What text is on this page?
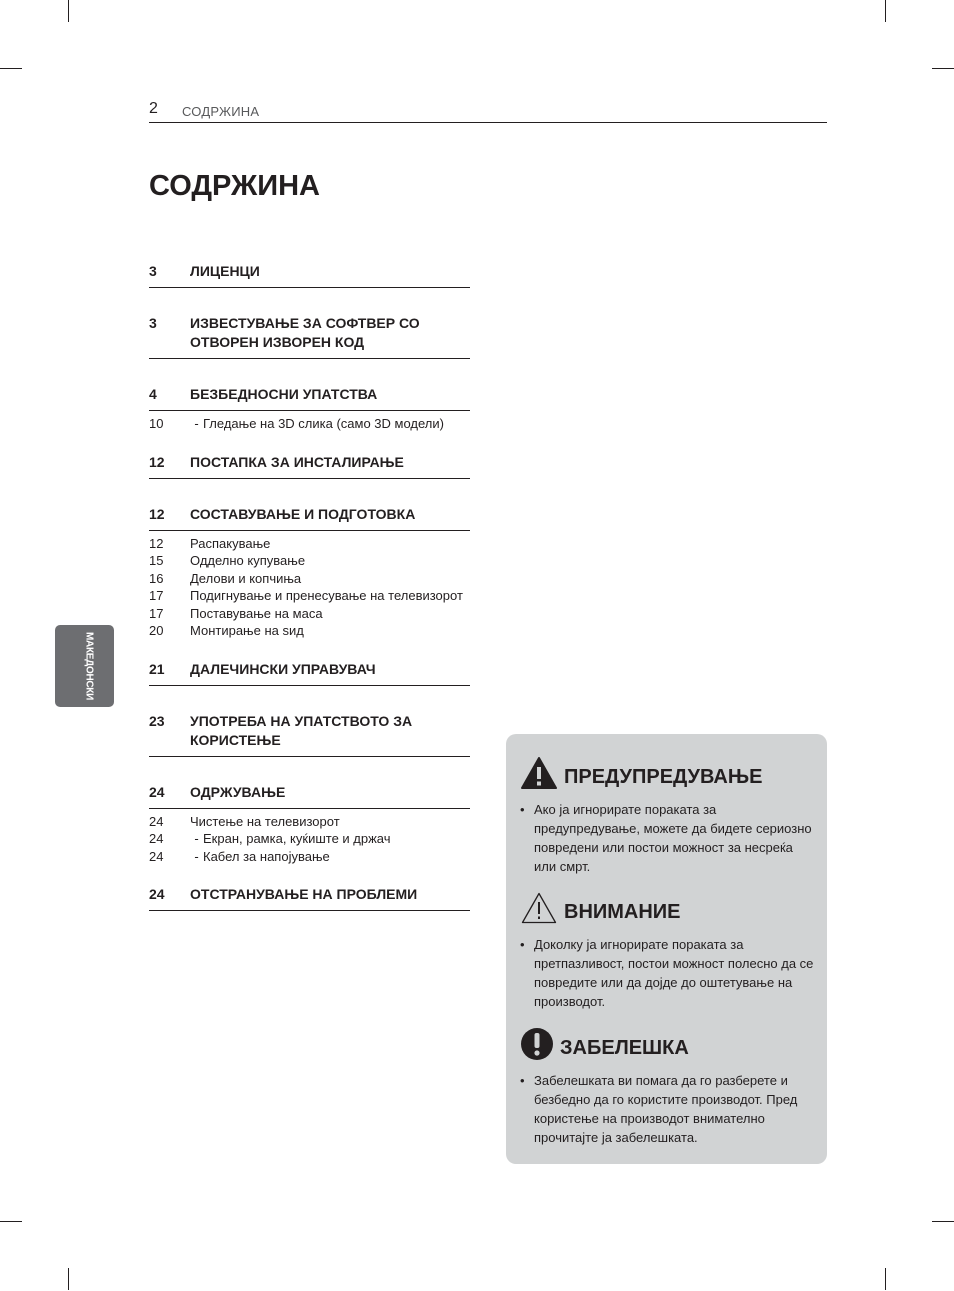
2 СОДРЖИНА
СОДРЖИНА
МАКЕДОНСКИ
3	ЛИЦЕНЦИ
3	ИЗВЕСТУВАЊЕ ЗА СОФТВЕР СО ОТВОРЕН ИЗВОРЕН КОД
4	БЕЗБЕДНОСНИ УПАТСТВА
10	- Гледање на 3D слика (само 3D модели)
12	ПОСТАПКА ЗА ИНСТАЛИРАЊЕ
12	СОСТАВУВАЊЕ И ПОДГОТОВКА
12	Распакување
15	Одделно купување
16	Делови и копчиња
17	Подигнување и пренесување на телевизорот
17	Поставување на маса
20	Монтирање на ѕид
21	ДАЛЕЧИНСКИ УПРАВУВАЧ
23	УПОТРЕБА НА УПАТСТВОТО ЗА КОРИСТЕЊЕ
24	ОДРЖУВАЊЕ
24	Чистење на телевизорот
24	- Екран, рамка, куќиште и држач
24	- Кабел за напојување
24	ОТСТРАНУВАЊЕ НА ПРОБЛЕМИ
ПРЕДУПРЕДУВАЊЕ
• Ако ја игнорирате пораката за предупредување, можете да бидете сериозно повредени или постои можност за несреќа или смрт.
ВНИМАНИЕ
• Доколку ја игнорирате пораката за претпазливост, постои можност полесно да се повредите или да дојде до оштетување на производот.
ЗАБЕЛЕШКА
• Забелешката ви помага да го разберете и безбедно да го користите производот. Пред користење на производот внимателно прочитајте ја забелешката.
